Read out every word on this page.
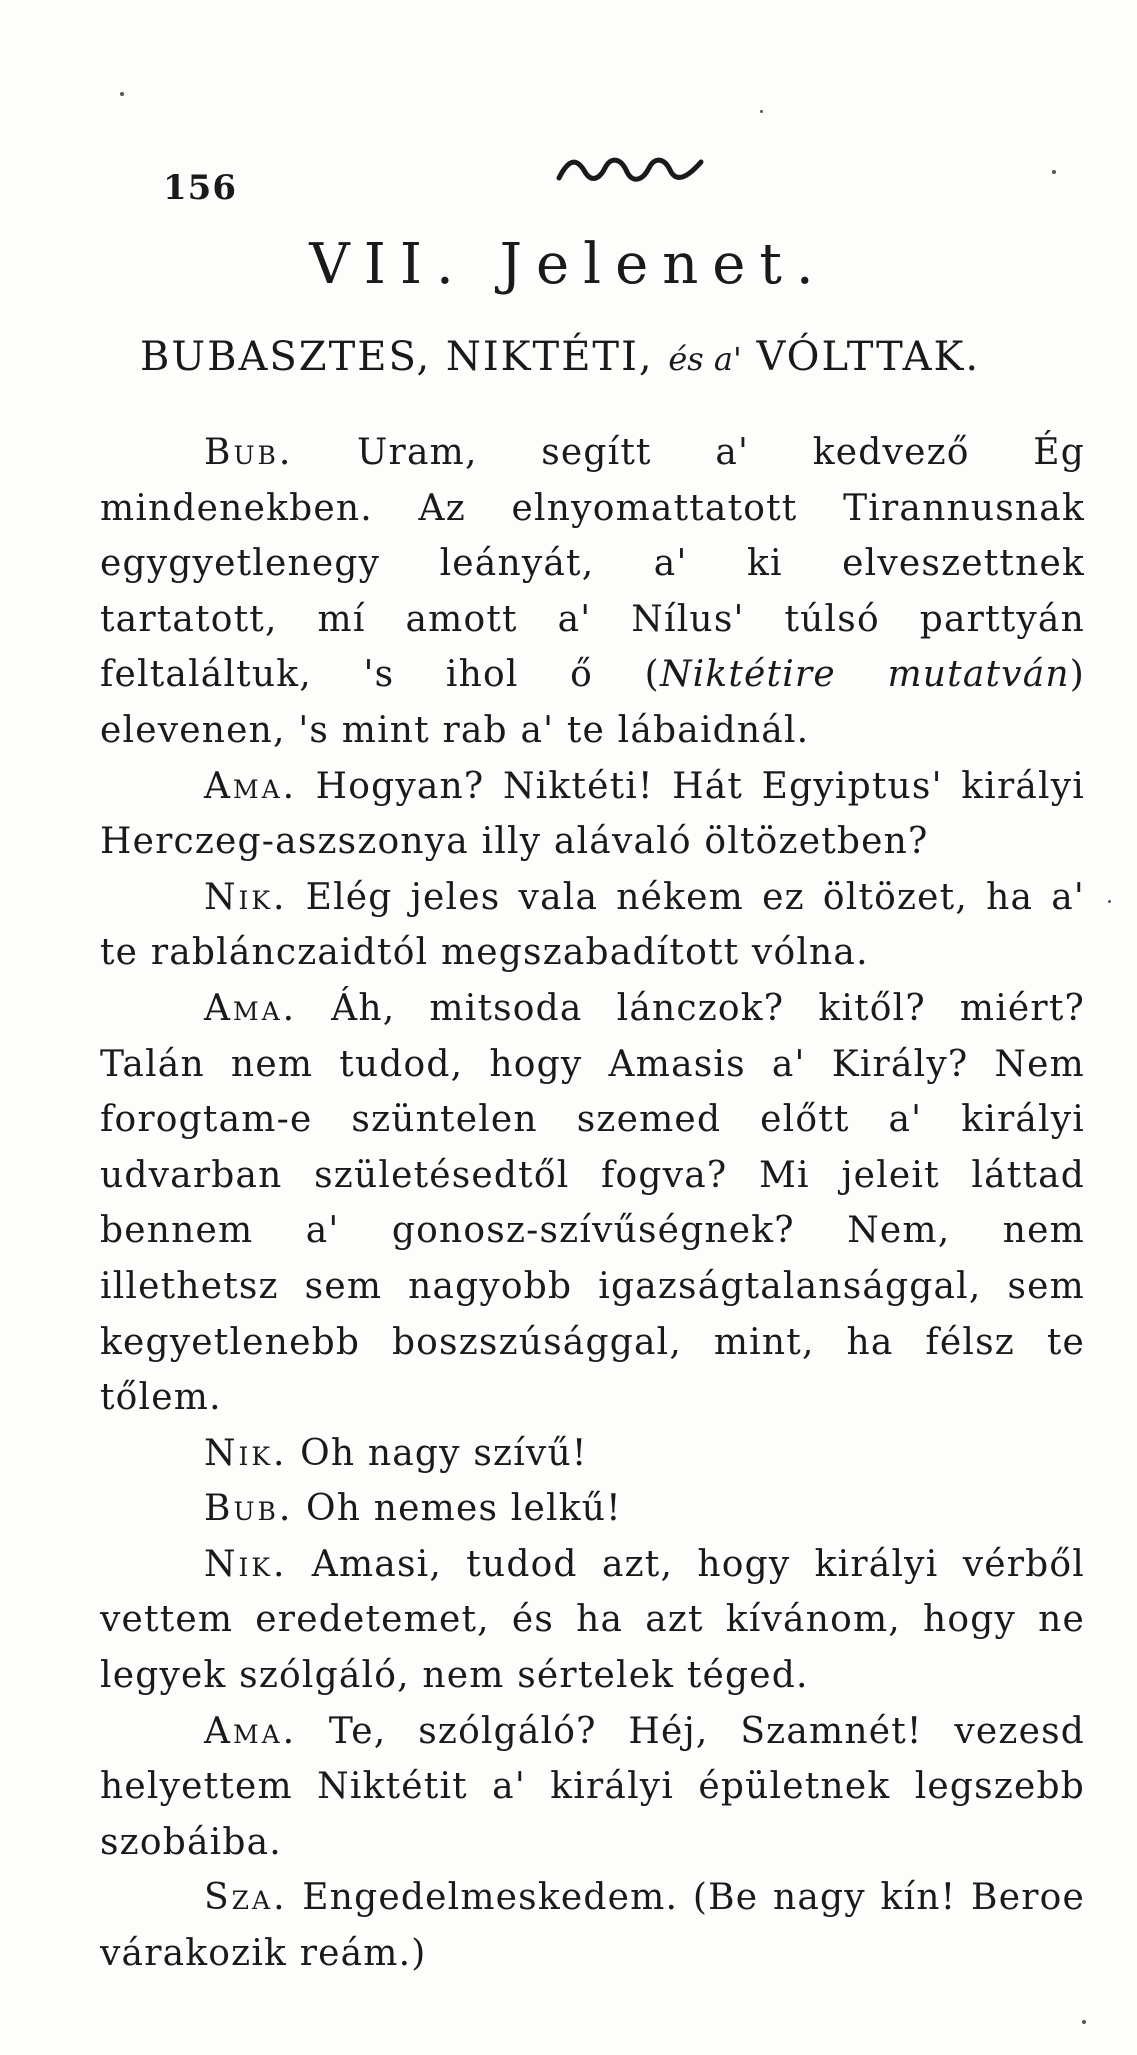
156
VII. Jelenet.
BUBASZTES, NIKTÉTI, és a' VÓLTTAK.

Bub. Uram, segítt a' kedvező Ég mindenekben. Az elnyomattatott Tirannusnak egygyetlenegy leányát, a' ki elveszettnek tartatott, mí amott a' Nílus' túlsó parttyán feltaláltuk, 's ihol ő (Niktétire mutatván) elevenen, 's mint rab a' te lábaidnál.

Ama. Hogyan? Niktéti! Hát Egyiptus' királyi Herczeg-aszszonya illy alávaló öltözetben?

Nik. Elég jeles vala nékem ez öltözet, ha a' te rablánczaidtól megszabadított vólna.

Ama. Áh, mitsoda lánczok? kitől? miért? Talán nem tudod, hogy Amasis a' Király? Nem forogtam-e szüntelen szemed előtt a' királyi udvarban születésedtől fogva? Mi jeleit láttad bennem a' gonosz-szívűségnek? Nem, nem illethetsz sem nagyobb igazságtalansággal, sem kegyetlenebb boszszúsággal, mint, ha félsz te tőlem.

Nik. Oh nagy szívű!

Bub. Oh nemes lelkű!

Nik. Amasi, tudod azt, hogy királyi vérből vettem eredetemet, és ha azt kívánom, hogy ne legyek szólgáló, nem sértelek téged.

Ama. Te, szólgáló? Héj, Szamnét! vezesd helyettem Niktétit a' királyi épületnek legszebb szobáiba.

Sza. Engedelmeskedem. (Be nagy kín! Beroe várakozik reám.)
